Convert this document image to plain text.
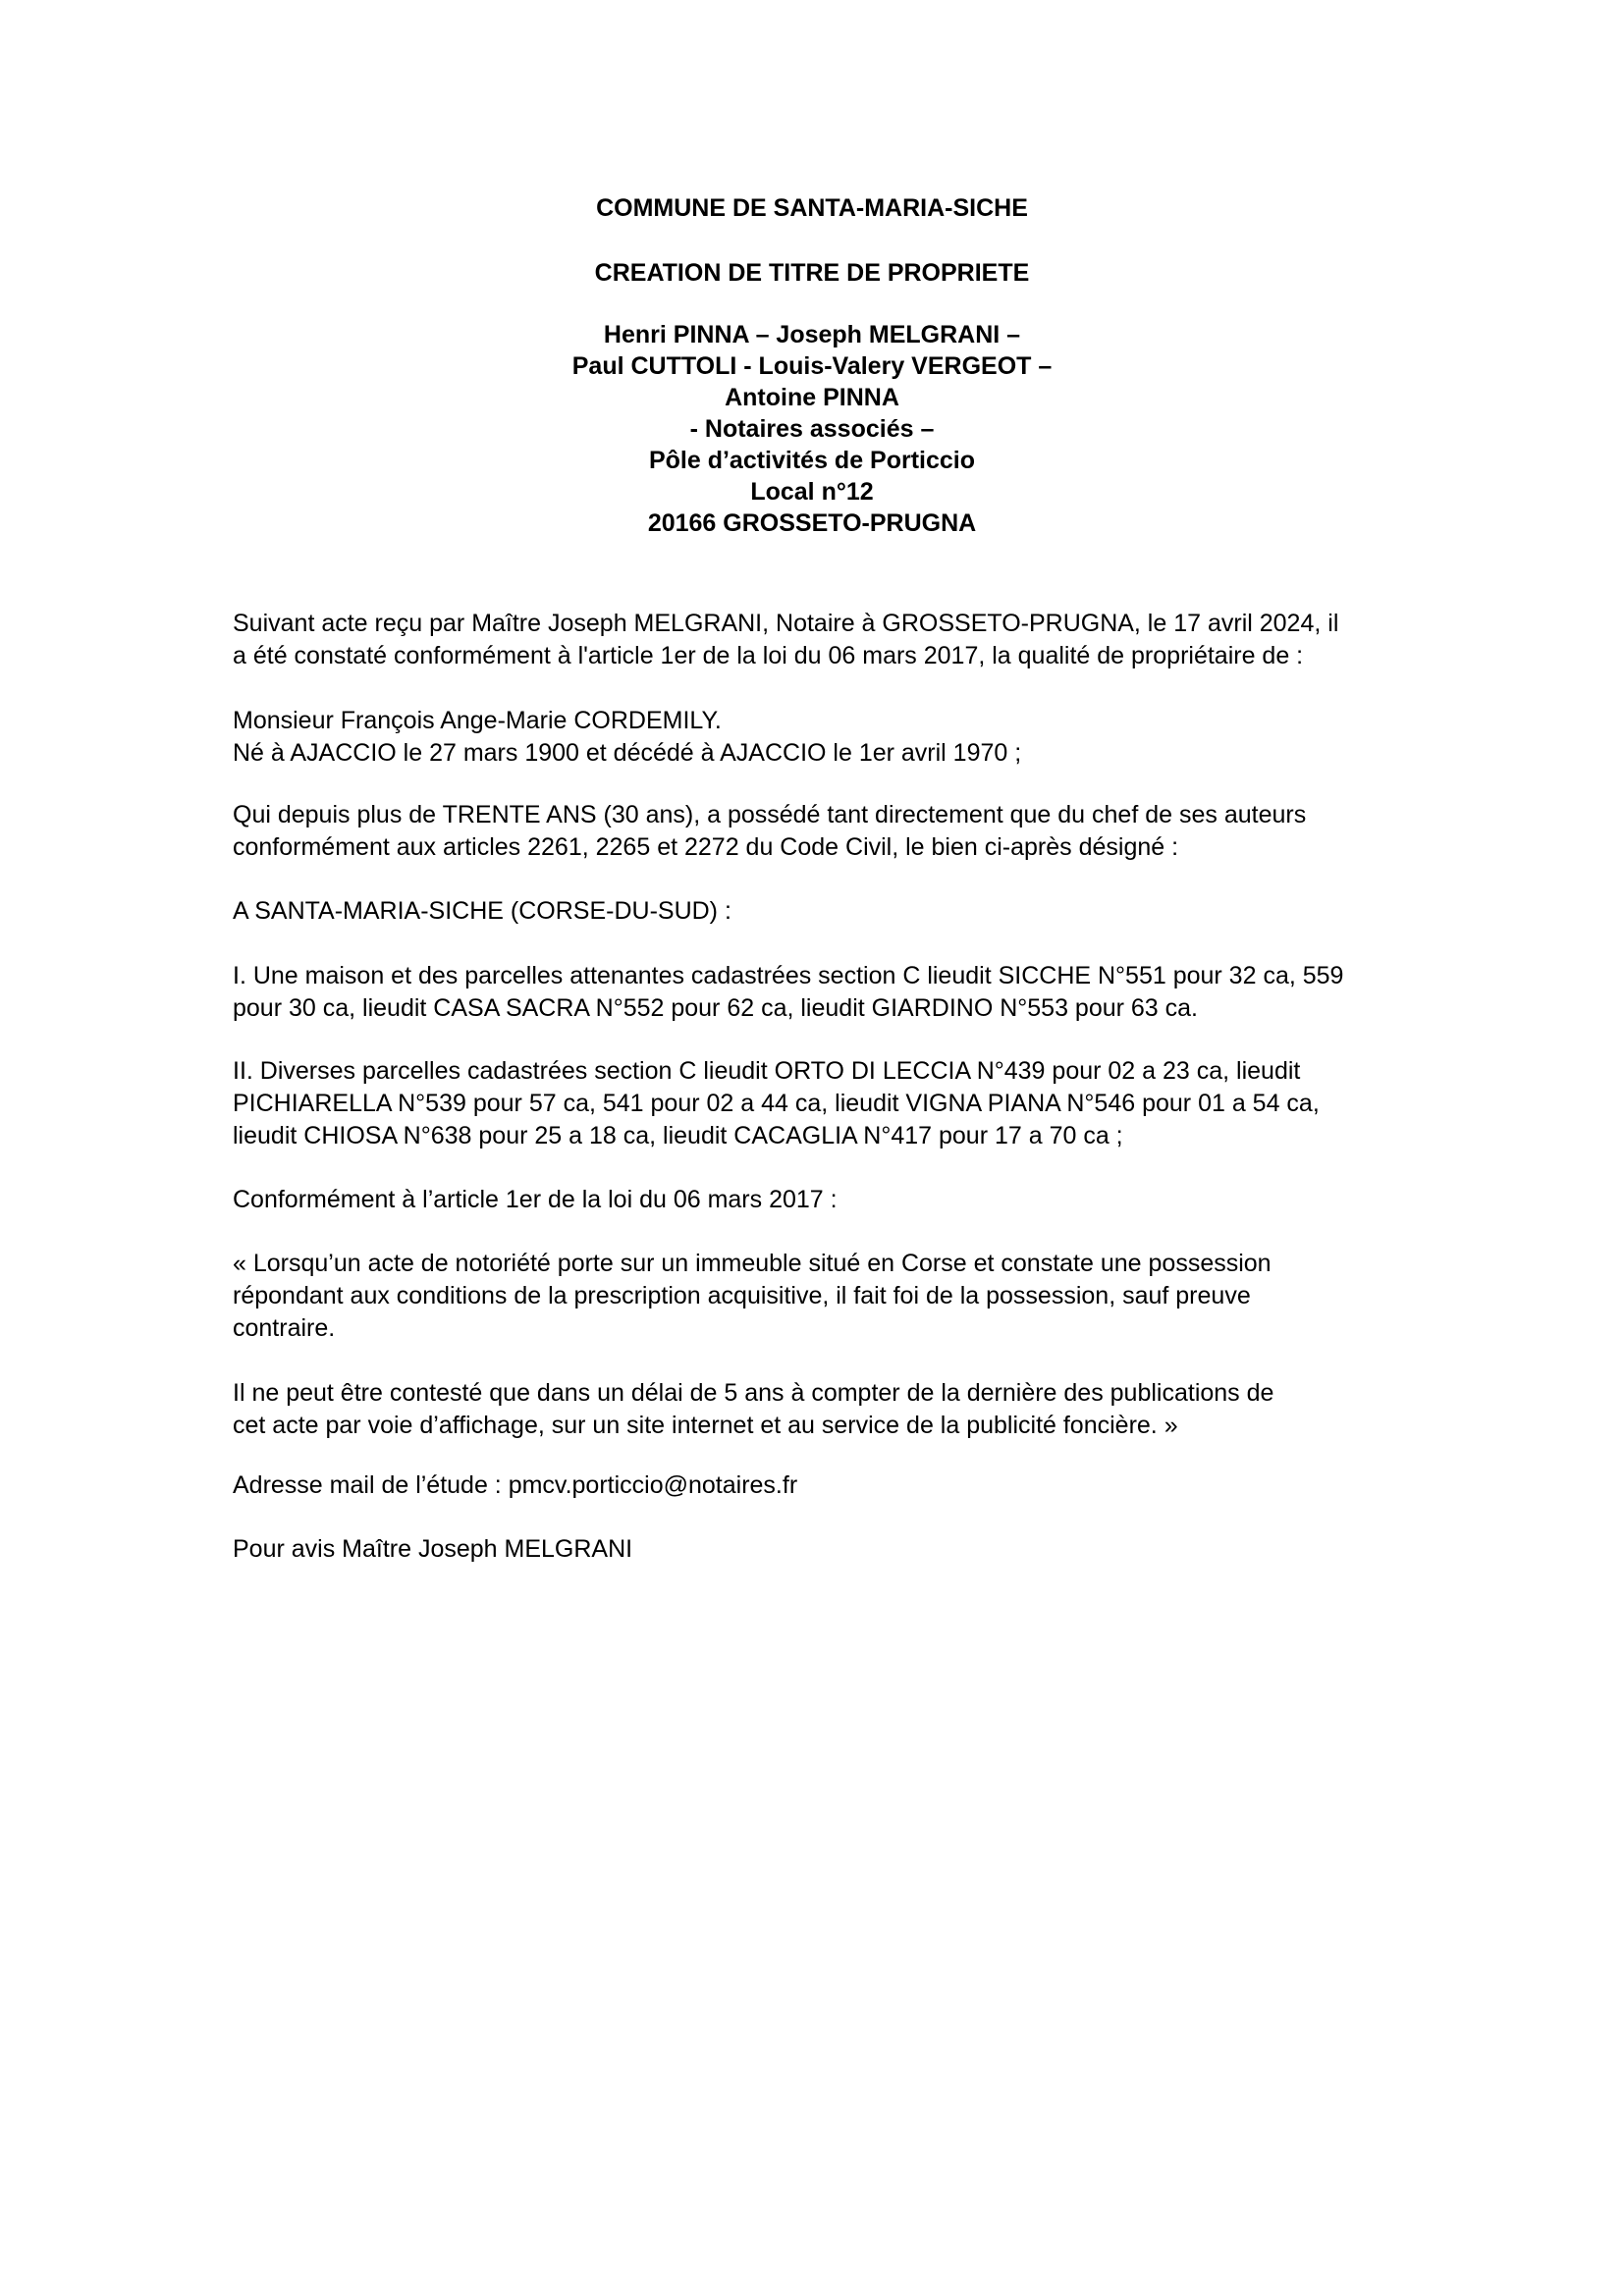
COMMUNE DE SANTA-MARIA-SICHE
CREATION DE TITRE DE PROPRIETE
Henri PINNA – Joseph MELGRANI –
Paul CUTTOLI - Louis-Valery VERGEOT –
Antoine PINNA
- Notaires associés –
Pôle d’activités de Porticcio
Local n°12
20166 GROSSETO-PRUGNA
Suivant acte reçu par Maître Joseph MELGRANI, Notaire à GROSSETO-PRUGNA, le 17 avril 2024, il
a été constaté conformément à l'article 1er de la loi du 06 mars 2017, la qualité de propriétaire de :
Monsieur François Ange-Marie CORDEMILY.
Né à AJACCIO le 27 mars 1900 et décédé à AJACCIO le 1er avril 1970 ;
Qui depuis plus de TRENTE ANS (30 ans), a possédé tant directement que du chef de ses auteurs
conformément aux articles 2261, 2265 et 2272 du Code Civil, le bien ci-après désigné :
A SANTA-MARIA-SICHE (CORSE-DU-SUD) :
I. Une maison et des parcelles attenantes cadastrées section C lieudit SICCHE N°551 pour 32 ca, 559
pour 30 ca, lieudit CASA SACRA N°552 pour 62 ca, lieudit GIARDINO N°553 pour 63 ca.
II. Diverses parcelles cadastrées section C lieudit ORTO DI LECCIA N°439 pour 02 a 23 ca, lieudit
PICHIARELLA N°539 pour 57 ca, 541 pour 02 a 44 ca, lieudit VIGNA PIANA N°546 pour 01 a 54 ca,
lieudit CHIOSA N°638 pour 25 a 18 ca, lieudit CACAGLIA N°417 pour 17 a 70 ca ;
Conformément à l’article 1er de la loi du 06 mars 2017 :
« Lorsqu’un acte de notoriété porte sur un immeuble situé en Corse et constate une possession
répondant aux conditions de la prescription acquisitive, il fait foi de la possession, sauf preuve
contraire.
Il ne peut être contesté que dans un délai de 5 ans à compter de la dernière des publications de
cet acte par voie d’affichage, sur un site internet et au service de la publicité foncière. »
Adresse mail de l’étude : pmcv.porticcio@notaires.fr
Pour avis Maître Joseph MELGRANI
